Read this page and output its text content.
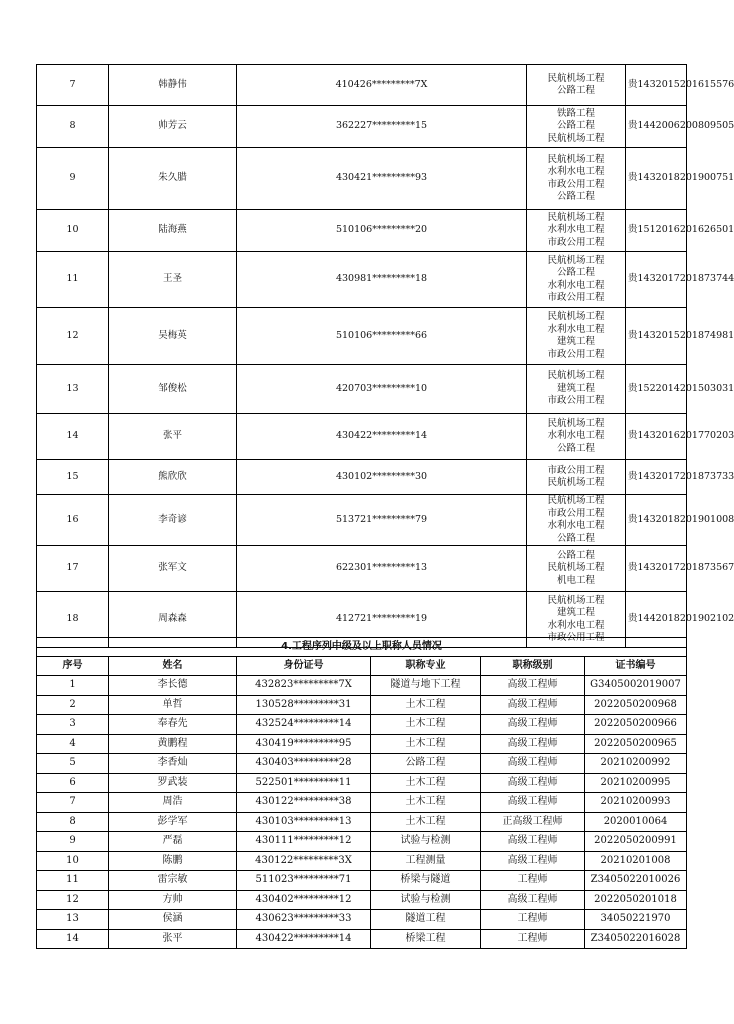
7	韩静伟	410426*********7X	民航机场工程
公路工程	贵1432015201615576
8	帅芳云	362227*********15	铁路工程
公路工程
民航机场工程	贵1442006200809505
9	朱久腊	430421*********93	民航机场工程
水利水电工程
市政公用工程
公路工程	贵1432018201900751
10	陆海燕	510106*********20	民航机场工程
水利水电工程
市政公用工程	贵1512016201626501
11	王圣	430981*********18	民航机场工程
公路工程
水利水电工程
市政公用工程	贵1432017201873744
12	吴梅英	510106*********66	民航机场工程
水利水电工程
建筑工程
市政公用工程	贵1432015201874981
13	邹俊松	420703*********10	民航机场工程
建筑工程
市政公用工程	贵1522014201503031
14	张平	430422*********14	民航机场工程
水利水电工程
公路工程	贵1432016201770203
15	熊欣欣	430102*********30	市政公用工程
民航机场工程	贵1432017201873733
16	李奇谚	513721*********79	民航机场工程
市政公用工程
水利水电工程
公路工程	贵1432018201901008
17	张军文	622301*********13	公路工程
民航机场工程
机电工程	贵1432017201873567
18	周森森	412721*********19	民航机场工程
建筑工程
水利水电工程
市政公用工程	贵1442018201902102
4.工程序列中级及以上职称人员情况					
序号	姓名	身份证号	职称专业	职称级别	证书编号
1	李长德	432823*********7X	隧道与地下工程	高级工程师	G3405002019007
2	单哲	130528*********31	土木工程	高级工程师	2022050200968
3	奉春先	432524*********14	土木工程	高级工程师	2022050200966
4	黄鹏程	430419*********95	土木工程	高级工程师	2022050200965
5	李香灿	430403*********28	公路工程	高级工程师	20210200992
6	罗武装	522501*********11	土木工程	高级工程师	20210200995
7	周浩	430122*********38	土木工程	高级工程师	20210200993
8	彭学军	430103*********13	土木工程	正高级工程师	2020010064
9	严磊	430111*********12	试验与检测	高级工程师	2022050200991
10	陈鹏	430122*********3X	工程测量	高级工程师	20210201008
11	雷宗敏	511023*********71	桥梁与隧道	工程师	Z3405022010026
12	方帅	430402*********12	试验与检测	高级工程师	2022050201018
13	侯涵	430623*********33	隧道工程	工程师	34050221970
14	张平	430422*********14	桥梁工程	工程师	Z3405022016028
